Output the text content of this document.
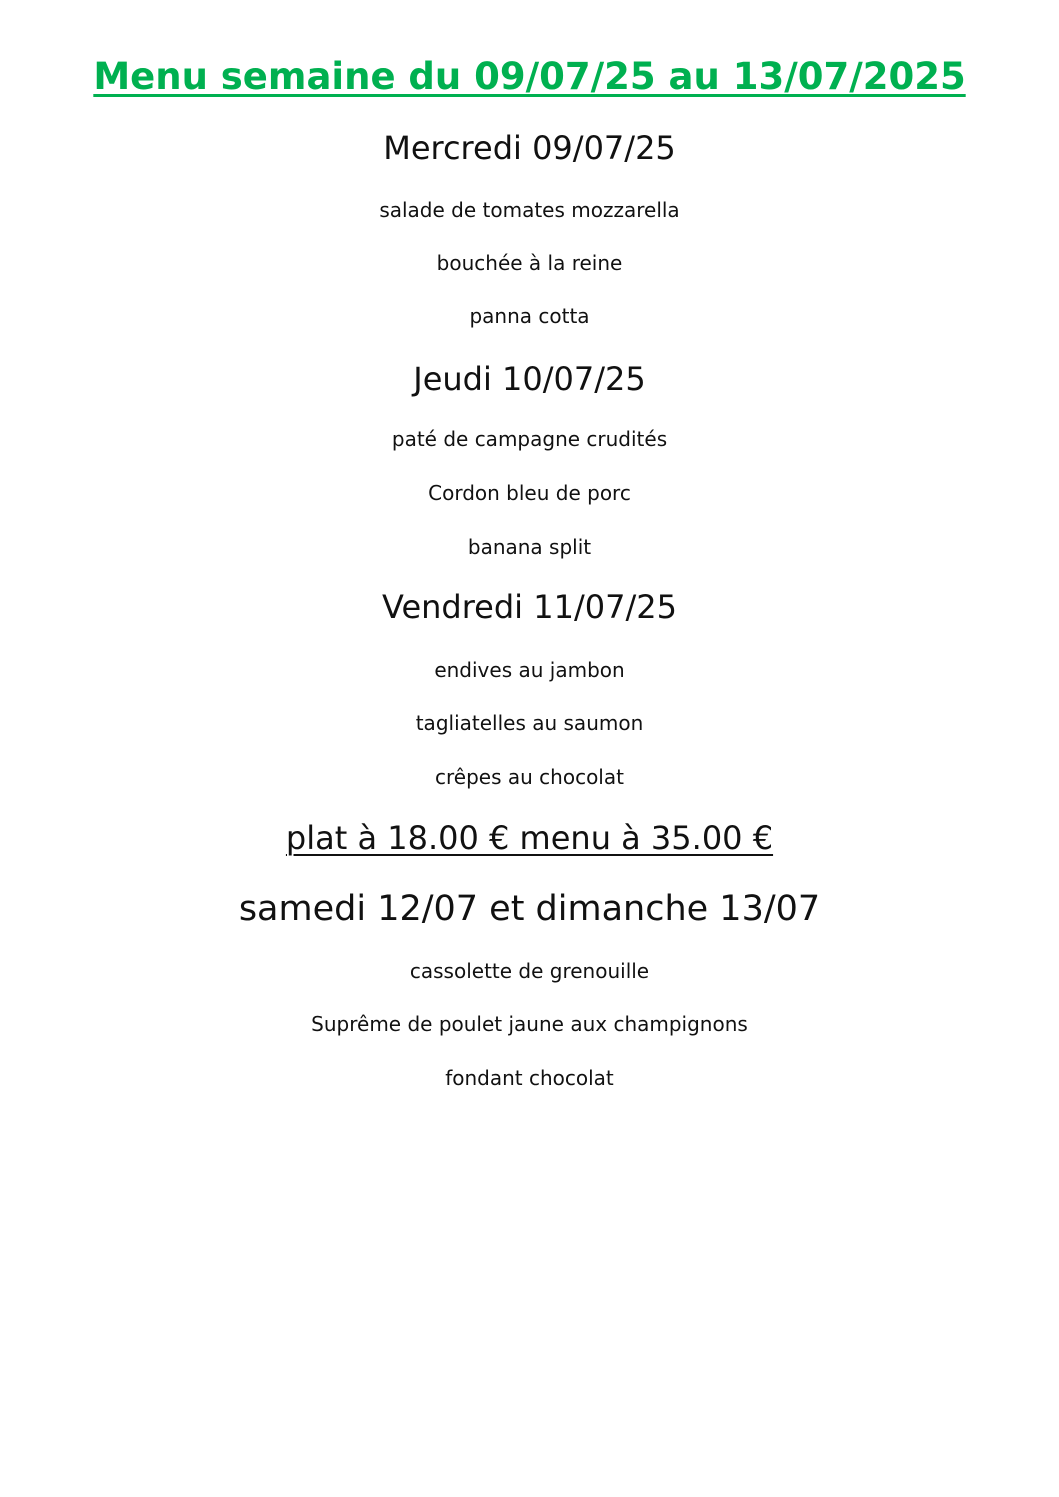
Menu semaine du 09/07/25 au 13/07/2025
Mercredi 09/07/25
salade de tomates mozzarella
bouchée à la reine
panna cotta
Jeudi 10/07/25
paté de campagne crudités
Cordon bleu de porc
banana split
Vendredi 11/07/25
endives au jambon
tagliatelles au saumon
crêpes au chocolat
plat à 18.00 € menu à 35.00 €
samedi 12/07 et dimanche 13/07
cassolette de grenouille
Suprême de poulet jaune aux champignons
fondant chocolat
